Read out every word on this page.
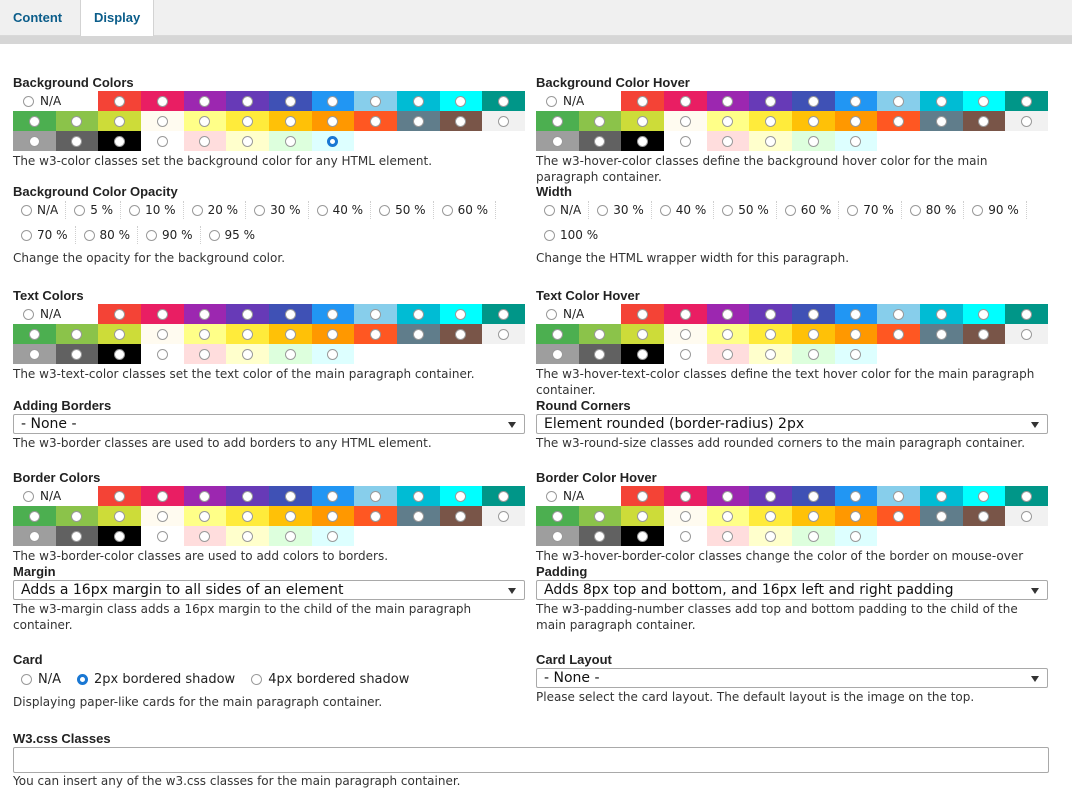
Content	Display
Background Colors
N/A
The w3-color classes set the background color for any HTML element.
Background Color Hover
N/A
The w3-hover-color classes define the background hover color for the main paragraph container.
Background Color Opacity
N/A	5 %	10 %	20 %	30 %	40 %	50 %	60 %
70 %	80 %	90 %	95 %
Change the opacity for the background color.
Width
N/A	30 %	40 %	50 %	60 %	70 %	80 %	90 %
100 %
Change the HTML wrapper width for this paragraph.
Text Colors
N/A
The w3-text-color classes set the text color of the main paragraph container.
Text Color Hover
N/A
The w3-hover-text-color classes define the text hover color for the main paragraph container.
Adding Borders
- None -
The w3-border classes are used to add borders to any HTML element.
Round Corners
Element rounded (border-radius) 2px
The w3-round-size classes add rounded corners to the main paragraph container.
Border Colors
N/A
The w3-border-color classes are used to add colors to borders.
Border Color Hover
N/A
The w3-hover-border-color classes change the color of the border on mouse-over
Margin
Adds a 16px margin to all sides of an element
The w3-margin class adds a 16px margin to the child of the main paragraph container.
Padding
Adds 8px top and bottom, and 16px left and right padding
The w3-padding-number classes add top and bottom padding to the child of the main paragraph container.
Card
N/A	2px bordered shadow	4px bordered shadow
Displaying paper-like cards for the main paragraph container.
Card Layout
- None -
Please select the card layout. The default layout is the image on the top.
W3.css Classes
You can insert any of the w3.css classes for the main paragraph container.
